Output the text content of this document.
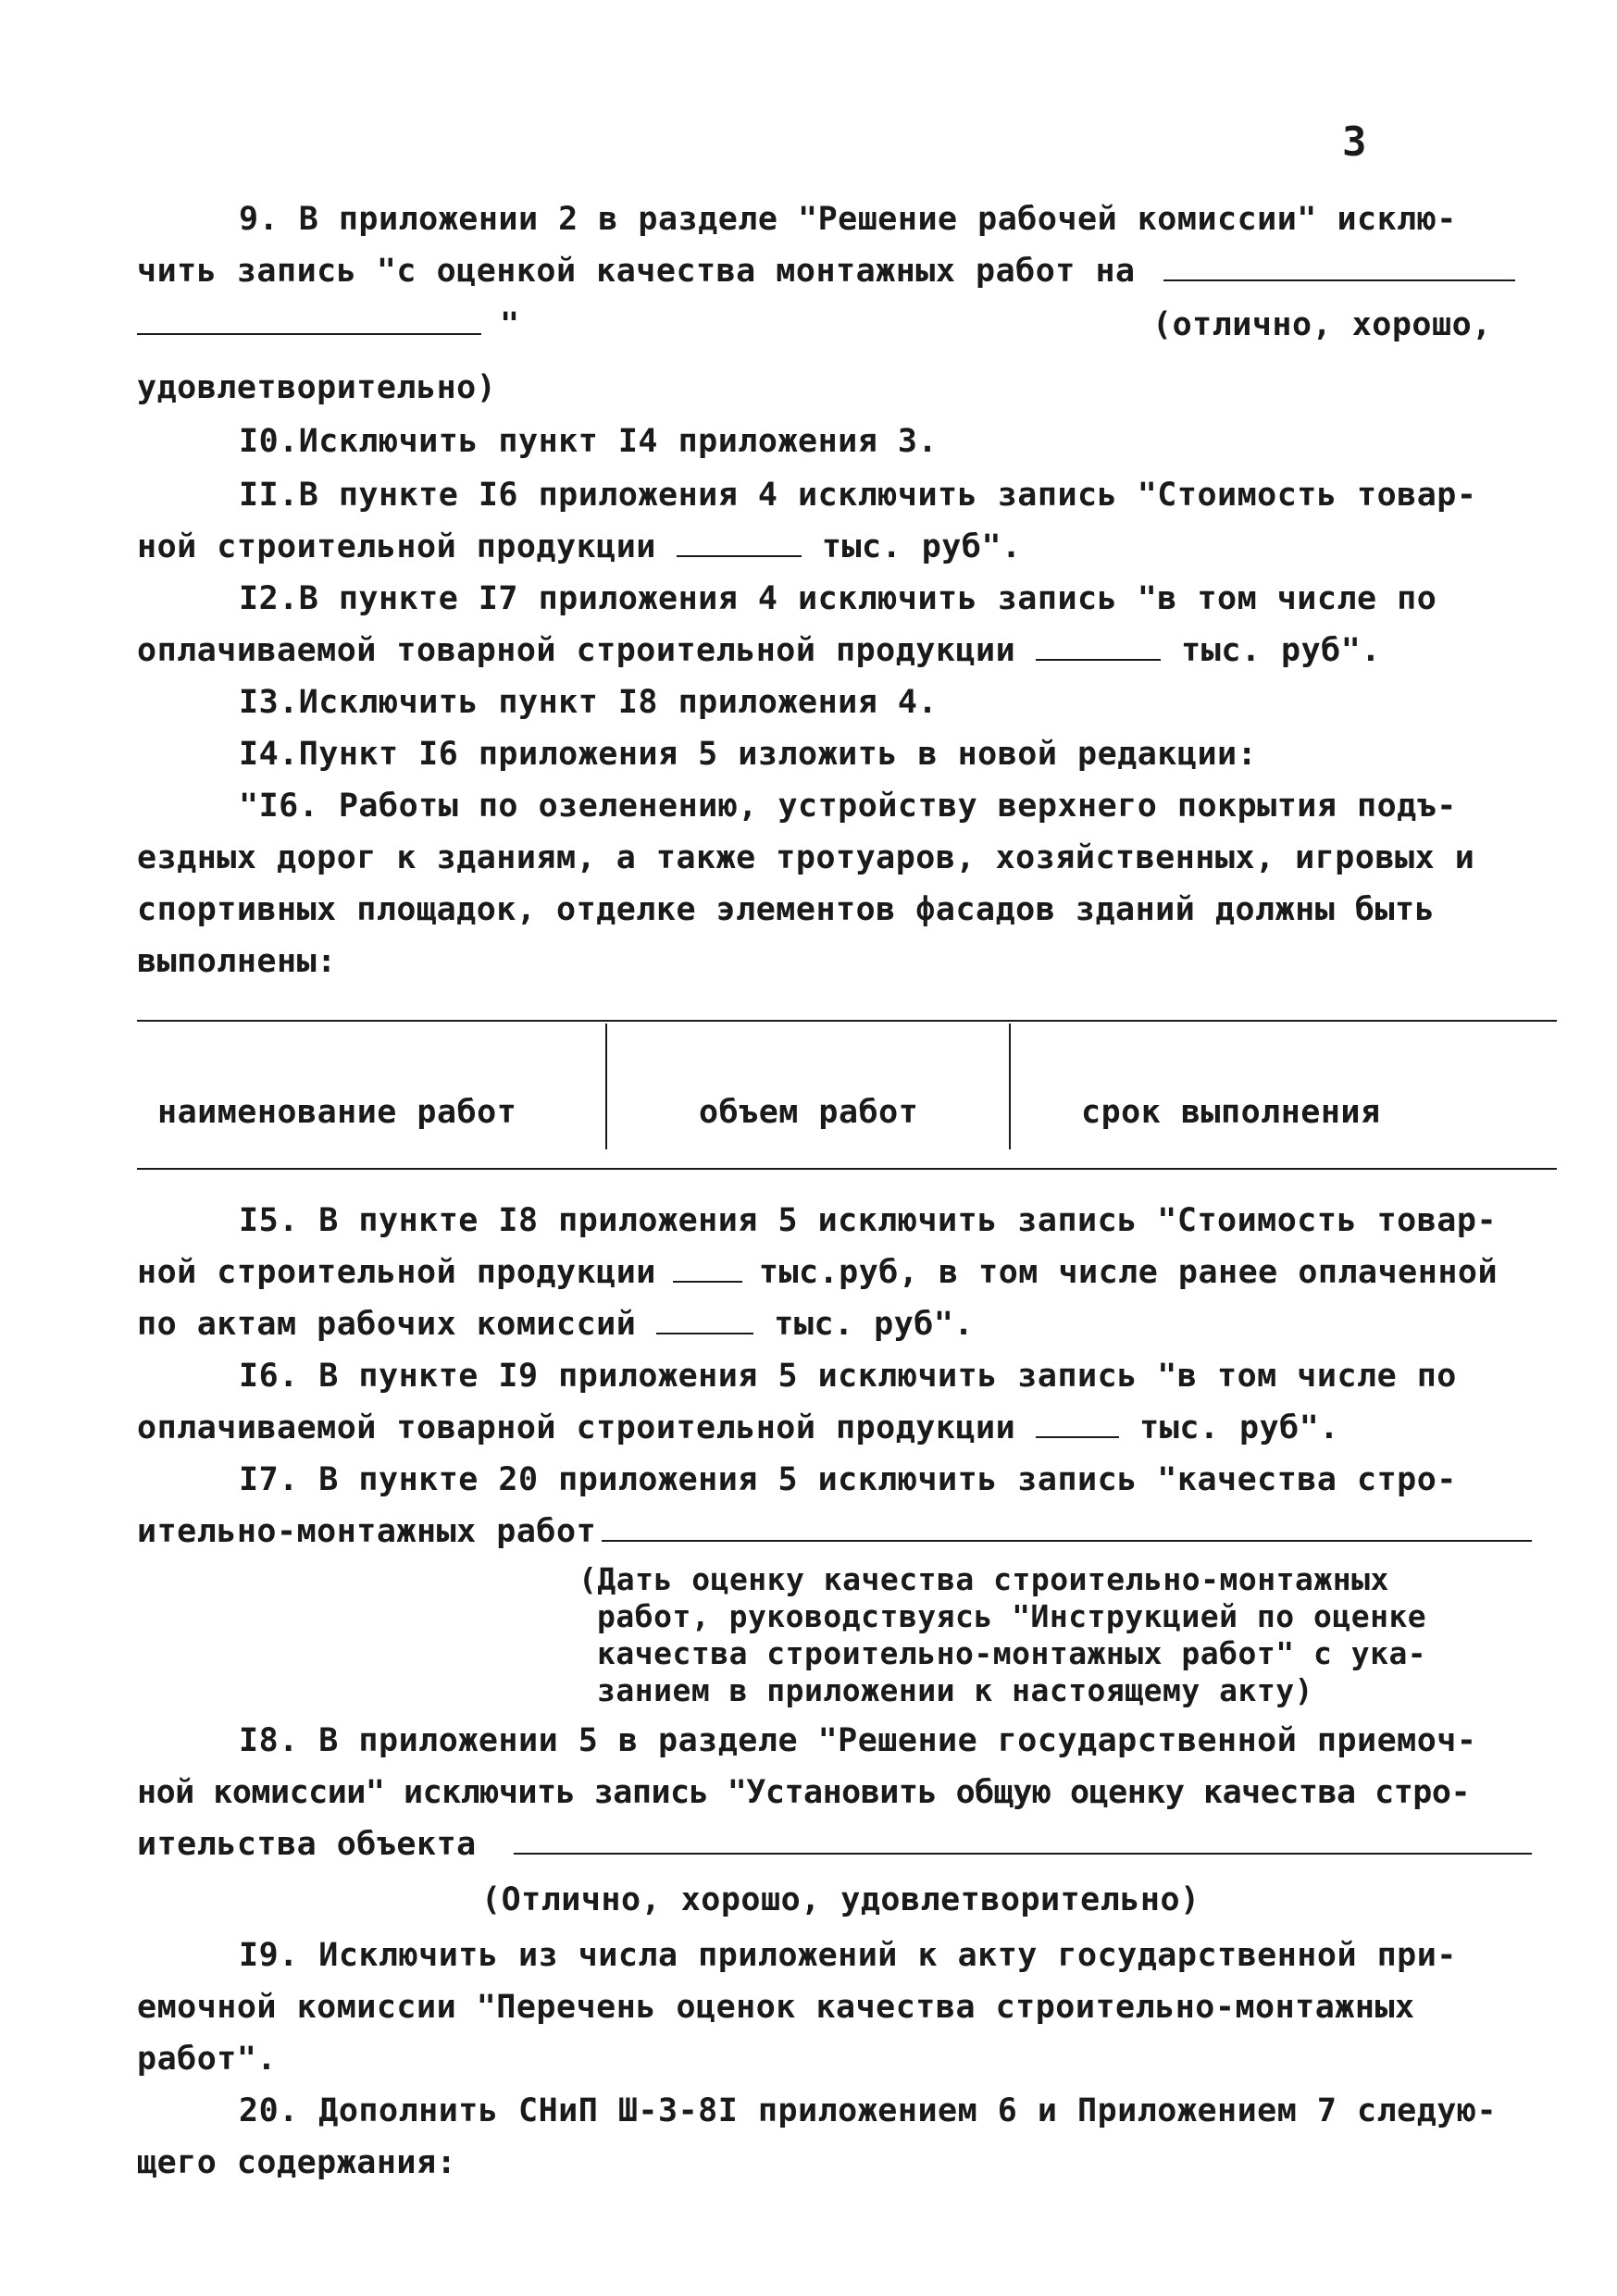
3
9. В приложении 2 в разделе "Решение рабочей комиссии" исклю-
чить запись "с оценкой качества монтажных работ на
"	(отлично, хорошо,
удовлетворительно)
I0.Исключить пункт I4 приложения 3.
II.В пункте I6 приложения 4 исключить запись "Стоимость товар-
ной строительной продукции	тыс. руб".
I2.В пункте I7 приложения 4 исключить запись "в том числе по
оплачиваемой товарной строительной продукции	тыс. руб".
I3.Исключить пункт I8 приложения 4.
I4.Пункт I6 приложения 5 изложить в новой редакции:
"I6. Работы по озеленению, устройству верхнего покрытия подъ-
ездных дорог к зданиям, а также тротуаров, хозяйственных, игровых и
спортивных площадок, отделке элементов фасадов зданий должны быть
выполнены:
наименование работ	объем работ	срок выполнения
I5. В пункте I8 приложения 5 исключить запись "Стоимость товар-
ной строительной продукции	тыс.руб, в том числе ранее оплаченной
по актам рабочих комиссий	тыс. руб".
I6. В пункте I9 приложения 5 исключить запись "в том числе по
оплачиваемой товарной строительной продукции	тыс. руб".
I7. В пункте 20 приложения 5 исключить запись "качества стро-
ительно-монтажных работ
(Дать оценку качества строительно-монтажных
работ, руководствуясь "Инструкцией по оценке
качества строительно-монтажных работ" с ука-
занием в приложении к настоящему акту)
I8. В приложении 5 в разделе "Решение государственной приемоч-
ной комиссии" исключить запись "Установить общую оценку качества стро-
ительства объекта
(Отлично, хорошо, удовлетворительно)
I9. Исключить из числа приложений к акту государственной при-
емочной комиссии "Перечень оценок качества строительно-монтажных
работ".
20. Дополнить СНиП Ш-3-8I приложением 6 и Приложением 7 следую-
щего содержания:
